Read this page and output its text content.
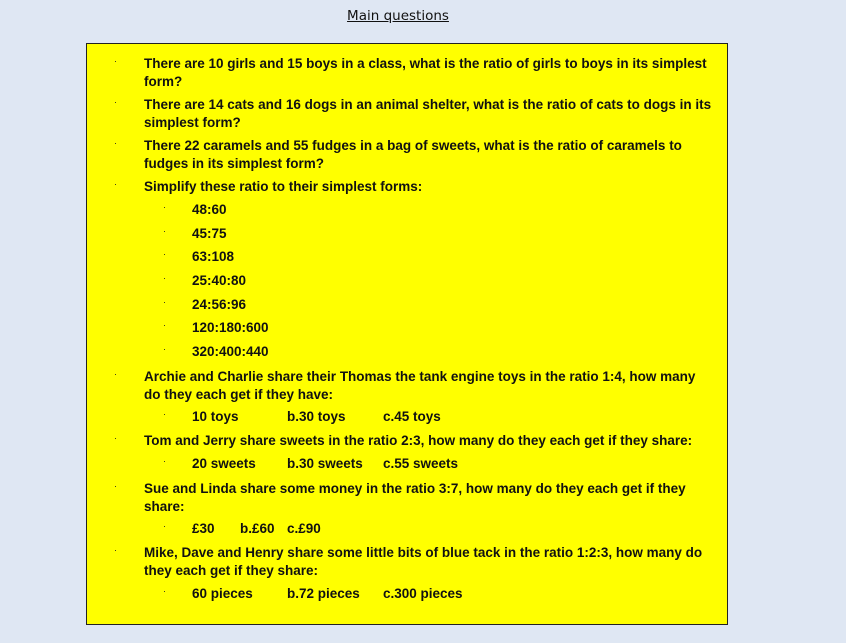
Main questions
· There are 10 girls and 15 boys in a class, what is the ratio of girls to boys in its simplest form?
· There are 14 cats and 16 dogs in an animal shelter, what is the ratio of cats to dogs in its simplest form?
· There 22 caramels and 55 fudges in a bag of sweets, what is the ratio of caramels to fudges in its simplest form?
· Simplify these ratio to their simplest forms:
· 48:60
· 45:75
· 63:108
· 25:40:80
· 24:56:96
· 120:180:600
· 320:400:440
· Archie and Charlie share their Thomas the tank engine toys in the ratio 1:4, how many do they each get if they have:
· 10 toys	b.30 toys	c.45 toys
· Tom and Jerry share sweets in the ratio 2:3, how many do they each get if they share:
· 20 sweets b.30 sweets c.55 sweets
· Sue and Linda share some money in the ratio 3:7, how many do they each get if they share:
· £30 b.£60 c.£90
· Mike, Dave and Henry share some little bits of blue tack in the ratio 1:2:3, how many do they each get if they share:
· 60 pieces	b.72 pieces c.300 pieces
